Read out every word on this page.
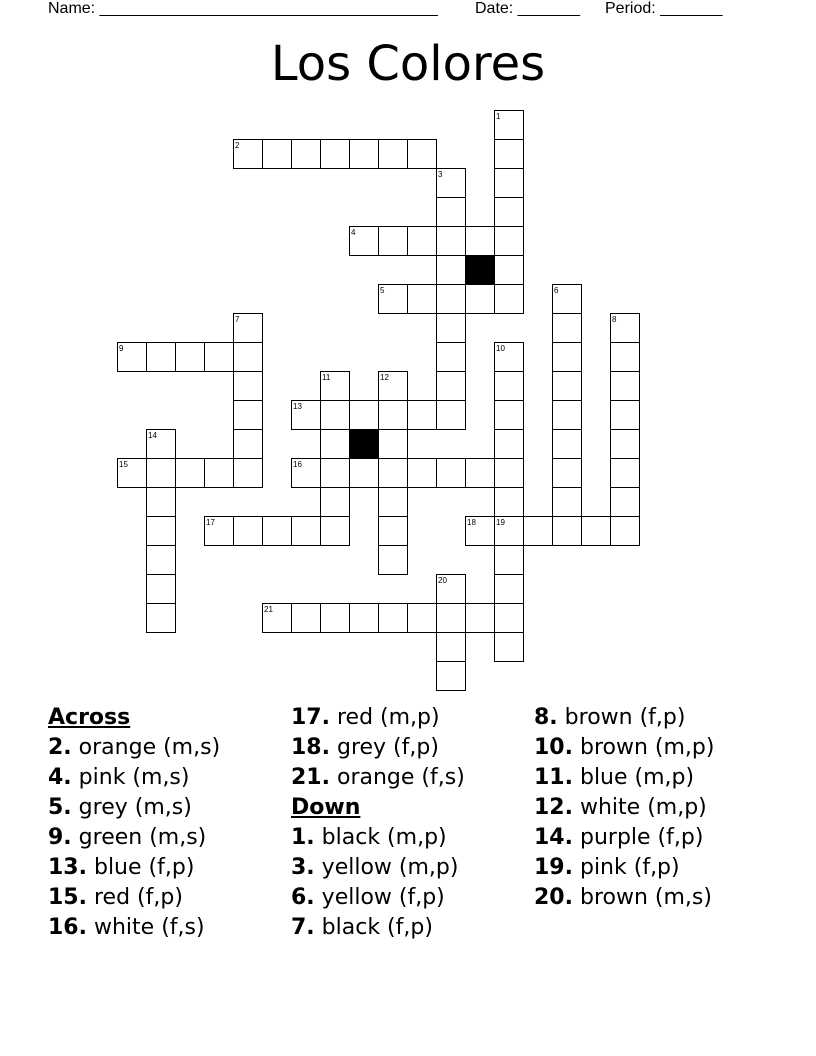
Name: ______________________________________

Date: _______

Period: _______

Los Colores
1
2
3
4
5	6
7	8
9	10
11	12
13
14
15	16
17	18	19
20
21
Across
2. orange (m,s)
4. pink (m,s)
5. grey (m,s)
9. green (m,s)
13. blue (f,p)
15. red (f,p)
16. white (f,s)
17. red (m,p)
18. grey (f,p)
21. orange (f,s)
Down
1. black (m,p)
3. yellow (m,p)
6. yellow (f,p)
7. black (f,p)
8. brown (f,p)
10. brown (m,p)
11. blue (m,p)
12. white (m,p)
14. purple (f,p)
19. pink (f,p)
20. brown (m,s)
